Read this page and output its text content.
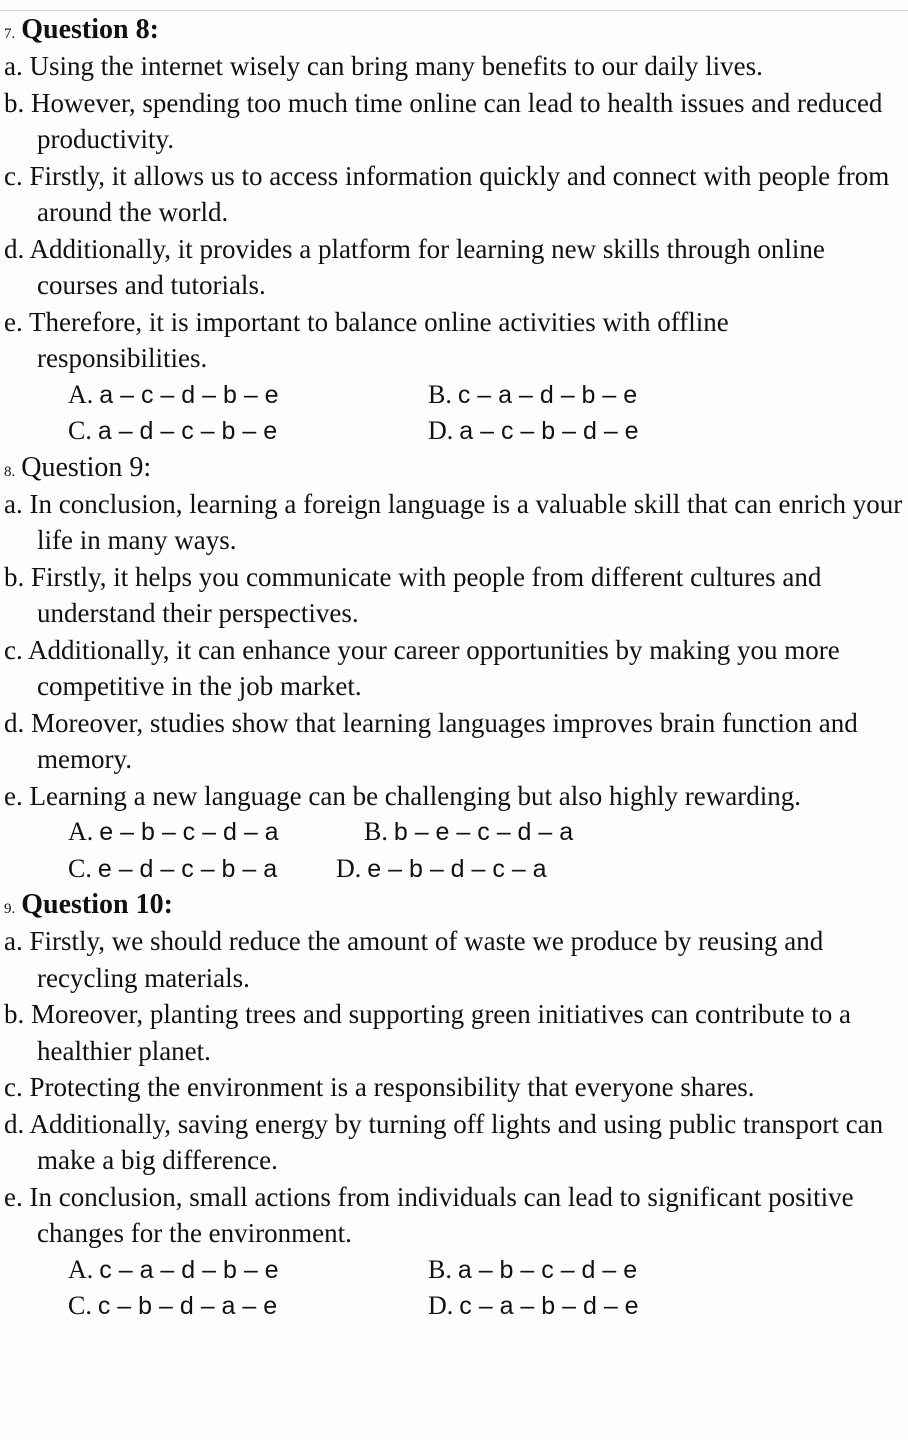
7. Question 8:
a. Using the internet wisely can bring many benefits to our daily lives.
b. However, spending too much time online can lead to health issues and reduced productivity.
c. Firstly, it allows us to access information quickly and connect with people from around the world.
d. Additionally, it provides a platform for learning new skills through online courses and tutorials.
e. Therefore, it is important to balance online activities with offline responsibilities.
A. a – c – d – b – e	B. c – a – d – b – e
C. a – d – c – b – e	D. a – c – b – d – e
8. Question 9:
a. In conclusion, learning a foreign language is a valuable skill that can enrich your life in many ways.
b. Firstly, it helps you communicate with people from different cultures and understand their perspectives.
c. Additionally, it can enhance your career opportunities by making you more competitive in the job market.
d. Moreover, studies show that learning languages improves brain function and memory.
e. Learning a new language can be challenging but also highly rewarding.
A. e – b – c – d – a	B. b – e – c – d – a
C. e – d – c – b – a D. e – b – d – c – a
9. Question 10:
a. Firstly, we should reduce the amount of waste we produce by reusing and recycling materials.
b. Moreover, planting trees and supporting green initiatives can contribute to a healthier planet.
c. Protecting the environment is a responsibility that everyone shares.
d. Additionally, saving energy by turning off lights and using public transport can make a big difference.
e. In conclusion, small actions from individuals can lead to significant positive changes for the environment.
A. c – a – d – b – e	B. a – b – c – d – e
C. c – b – d – a – e	D. c – a – b – d – e
